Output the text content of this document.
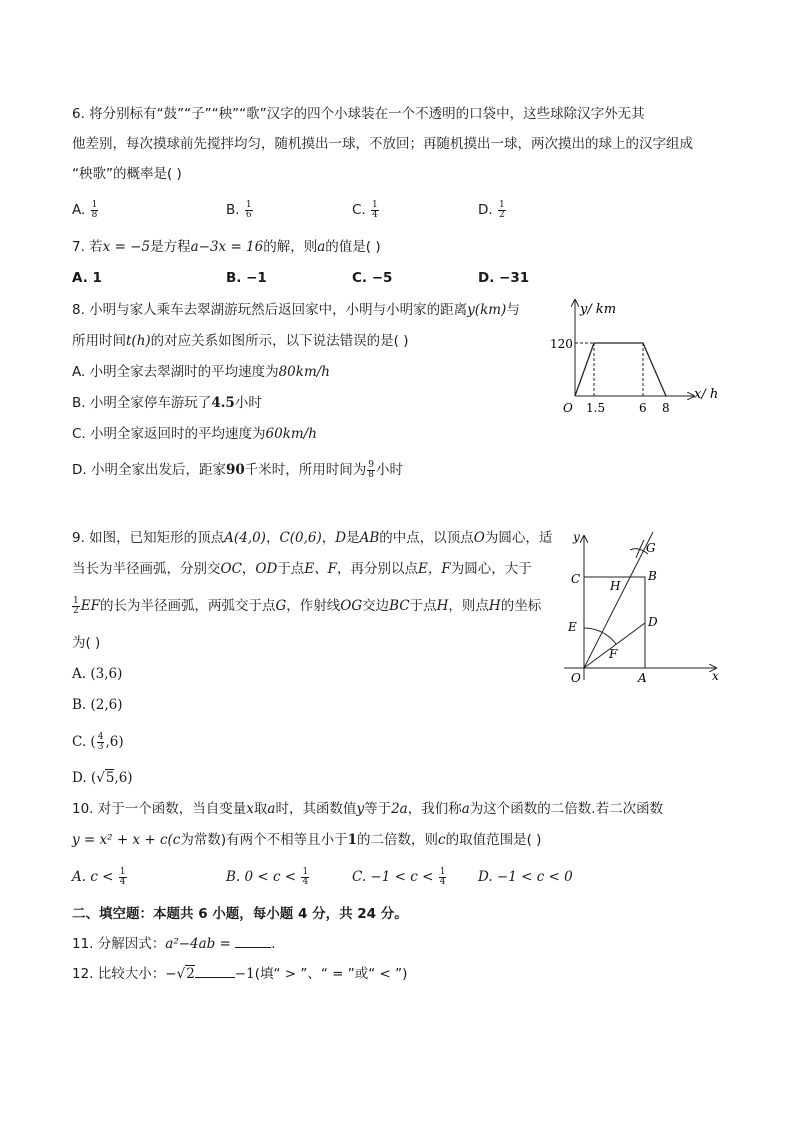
6. 将分别标有“鼓”“子”“秧”“歌”汉字的四个小球装在一个不透明的口袋中，这些球除汉字外无其
他差别，每次摸球前先搅拌均匀，随机摸出一球，不放回；再随机摸出一球，两次摸出的球上的汉字组成
“秧歌”的概率是( )
A. $\frac{1}{8}$	B. $\frac{1}{6}$	C. $\frac{1}{4}$	D. $\frac{1}{2}$
7. 若x = −5是方程a−3x = 16的解，则a的值是( )
A. 1	B. −1	C. −5	D. −31
8. 小明与家人乘车去翠湖游玩然后返回家中，小明与小明家的距离y(km)与
所用时间t(h)的对应关系如图所示，以下说法错误的是( )
A. 小明全家去翠湖时的平均速度为80km/h
B. 小明全家停车游玩了4.5小时
C. 小明全家返回时的平均速度为60km/h
D. 小明全家出发后，距家90千米时，所用时间为 $\frac{9}{8}$ 小时
y/ km
x/ h
120
O 1.5	6 8
9. 如图，已知矩形的顶点A(4,0)，C(0,6)，D是AB的中点，以顶点O为圆心，适
当长为半径画弧，分别交OC，OD于点E、F，再分别以点E，F为圆心，大于
$\frac{1}{2}$ EF的长为半径画弧，两弧交于点G，作射线OG交边BC于点H，则点H的坐标
为( )
A. (3,6)
B. (2,6)
C. ( $\frac{4}{3} ,6$)
D. (√5,6)
y
x
O	A
B
C
D
E
F
G
H
10. 对于一个函数，当自变量x取a时，其函数值y等于2a，我们称a为这个函数的二倍数.若二次函数
y = x² + x + c(c为常数)有两个不相等且小于1的二倍数，则c的取值范围是( )
A. $c < \frac{1}{4}$	B. $0 < c < \frac{1}{4}$	C. $-1 < c < \frac{1}{4} D$. −1 < c < 0
二、填空题：本题共 6 小题，每小题 4 分，共 24 分。
11. 分解因式：a²−4ab =	.
12. 比较大小：−√2	−1(填“ > ”、“ = ”或“ < ”)
